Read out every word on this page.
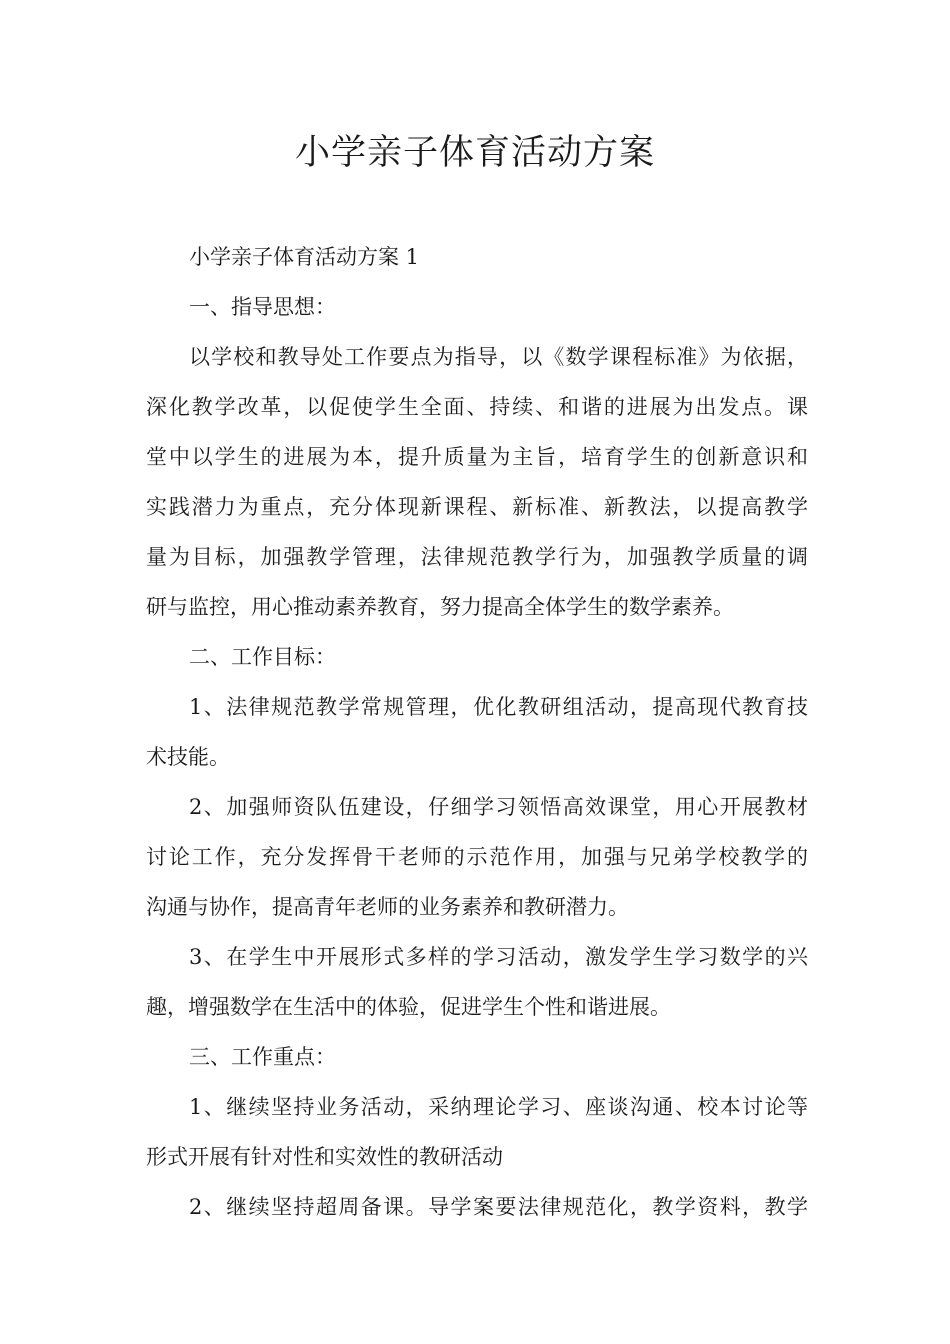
小学亲子体育活动方案
小学亲子体育活动方案 1
一、指导思想：
以学校和教导处工作要点为指导，以《数学课程标准》为依据，
深化教学改革，以促使学生全面、持续、和谐的进展为出发点。课
堂中以学生的进展为本，提升质量为主旨，培育学生的创新意识和
实践潜力为重点，充分体现新课程、新标准、新教法，以提高教学
量为目标，加强教学管理，法律规范教学行为，加强教学质量的调
研与监控，用心推动素养教育，努力提高全体学生的数学素养。
二、工作目标：
1、法律规范教学常规管理，优化教研组活动，提高现代教育技
术技能。
2、加强师资队伍建设，仔细学习领悟高效课堂，用心开展教材
讨论工作，充分发挥骨干老师的示范作用，加强与兄弟学校教学的
沟通与协作，提高青年老师的业务素养和教研潜力。
3、在学生中开展形式多样的学习活动，激发学生学习数学的兴
趣，增强数学在生活中的体验，促进学生个性和谐进展。
三、工作重点：
1、继续坚持业务活动，采纳理论学习、座谈沟通、校本讨论等
形式开展有针对性和实效性的教研活动
2、继续坚持超周备课。导学案要法律规范化，教学资料，教学
